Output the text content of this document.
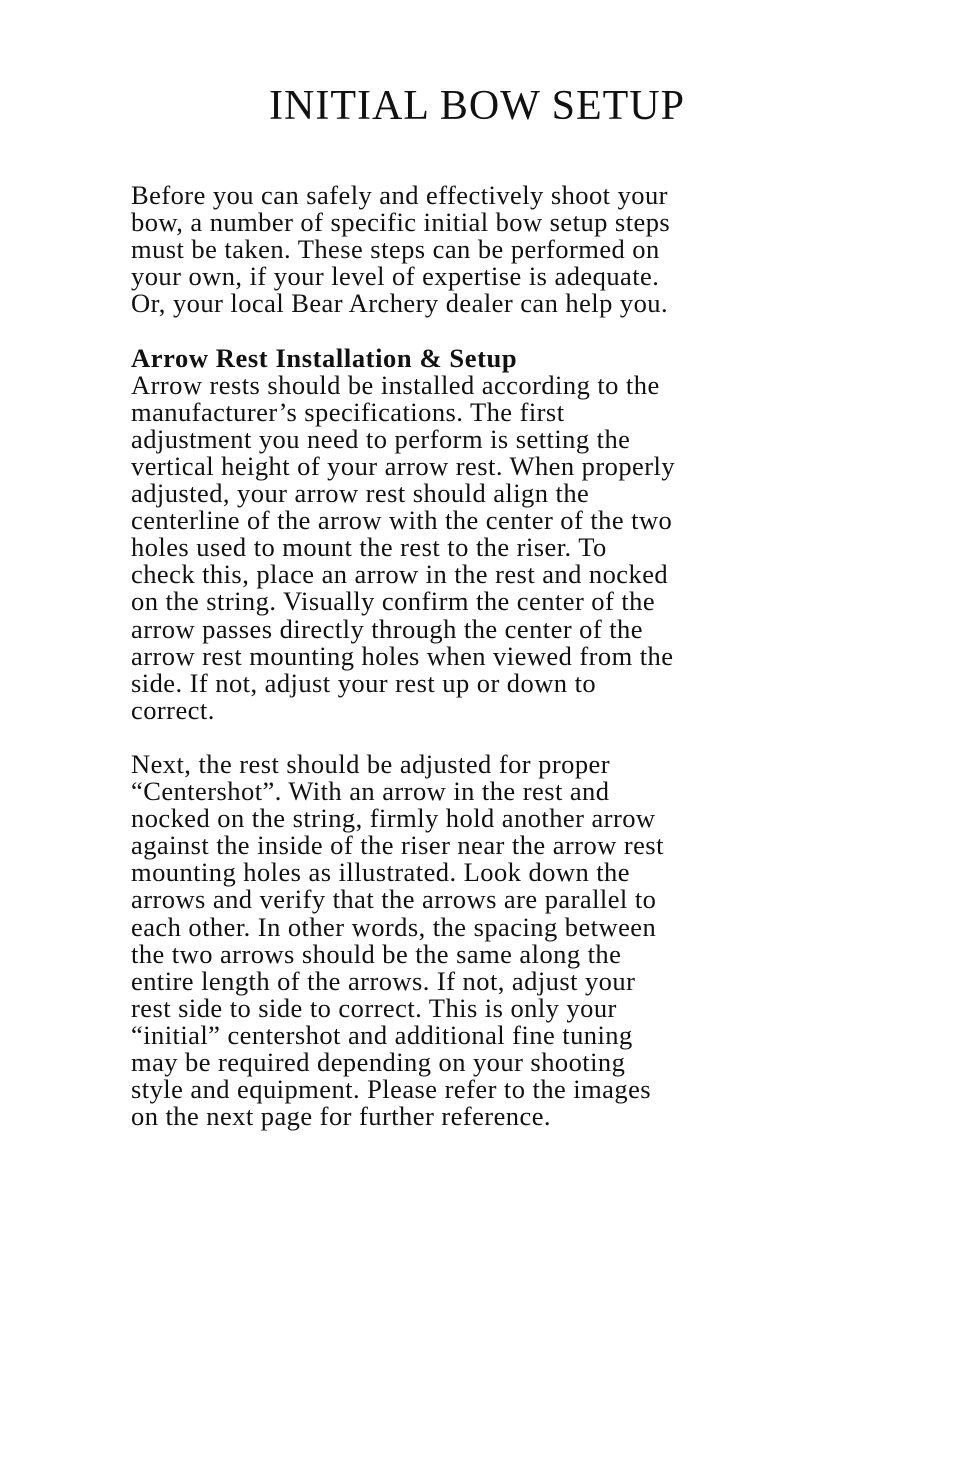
INITIAL BOW SETUP

Before you can safely and effectively shoot your
bow, a number of specific initial bow setup steps
must be taken. These steps can be performed on
your own, if your level of expertise is adequate.
Or, your local Bear Archery dealer can help you.

Arrow Rest Installation & Setup

Arrow rests should be installed according to the
manufacturer’s specifications. The first
adjustment you need to perform is setting the
vertical height of your arrow rest. When properly
adjusted, your arrow rest should align the
centerline of the arrow with the center of the two
holes used to mount the rest to the riser. To
check this, place an arrow in the rest and nocked
on the string. Visually confirm the center of the
arrow passes directly through the center of the
arrow rest mounting holes when viewed from the
side. If not, adjust your rest up or down to
correct.

Next, the rest should be adjusted for proper
“Centershot”. With an arrow in the rest and
nocked on the string, firmly hold another arrow
against the inside of the riser near the arrow rest
mounting holes as illustrated. Look down the
arrows and verify that the arrows are parallel to
each other. In other words, the spacing between
the two arrows should be the same along the
entire length of the arrows. If not, adjust your
rest side to side to correct. This is only your
“initial” centershot and additional fine tuning
may be required depending on your shooting
style and equipment. Please refer to the images
on the next page for further reference.
